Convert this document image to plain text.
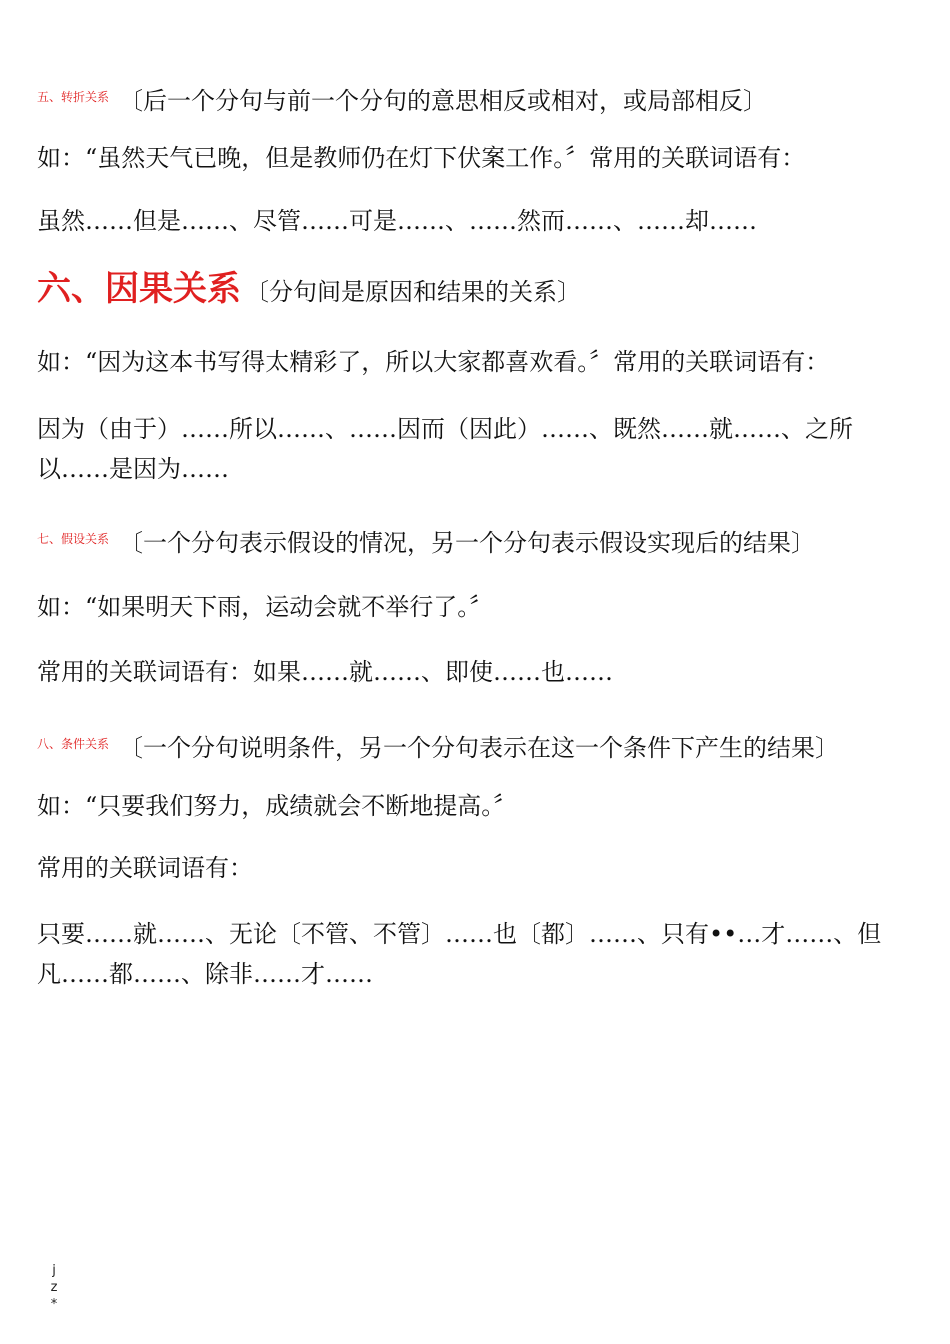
$^{五、转折关系}$ 〔后一个分句与前一个分句的意思相反或相对，或局部相反〕
如：“虽然天气已晚，但是教师仍在灯下伏案工作。〞常用的关联词语有：
虽然……但是……、尽管……可是……、……然而……、……却……
六、因果关系 〔分句间是原因和结果的关系〕
如：“因为这本书写得太精彩了，所以大家都喜欢看。〞常用的关联词语有：
因为（由于）……所以……、……因而（因此）……、既然……就……、之所以……是因为……
$^{七、假设关系}$ 〔一个分句表示假设的情况，另一个分句表示假设实现后的结果〕
如：“如果明天下雨，运动会就不举行了。〞
常用的关联词语有：如果……就……、即使……也……
$^{八、条件关系}$ 〔一个分句说明条件，另一个分句表示在这一个条件下产生的结果〕
如：“只要我们努力，成绩就会不断地提高。〞
常用的关联词语有：
只要……就……、无论〔不管、不管〕……也〔都〕……、只有••…才……、但凡……都……、除非……才……
j
z
*
